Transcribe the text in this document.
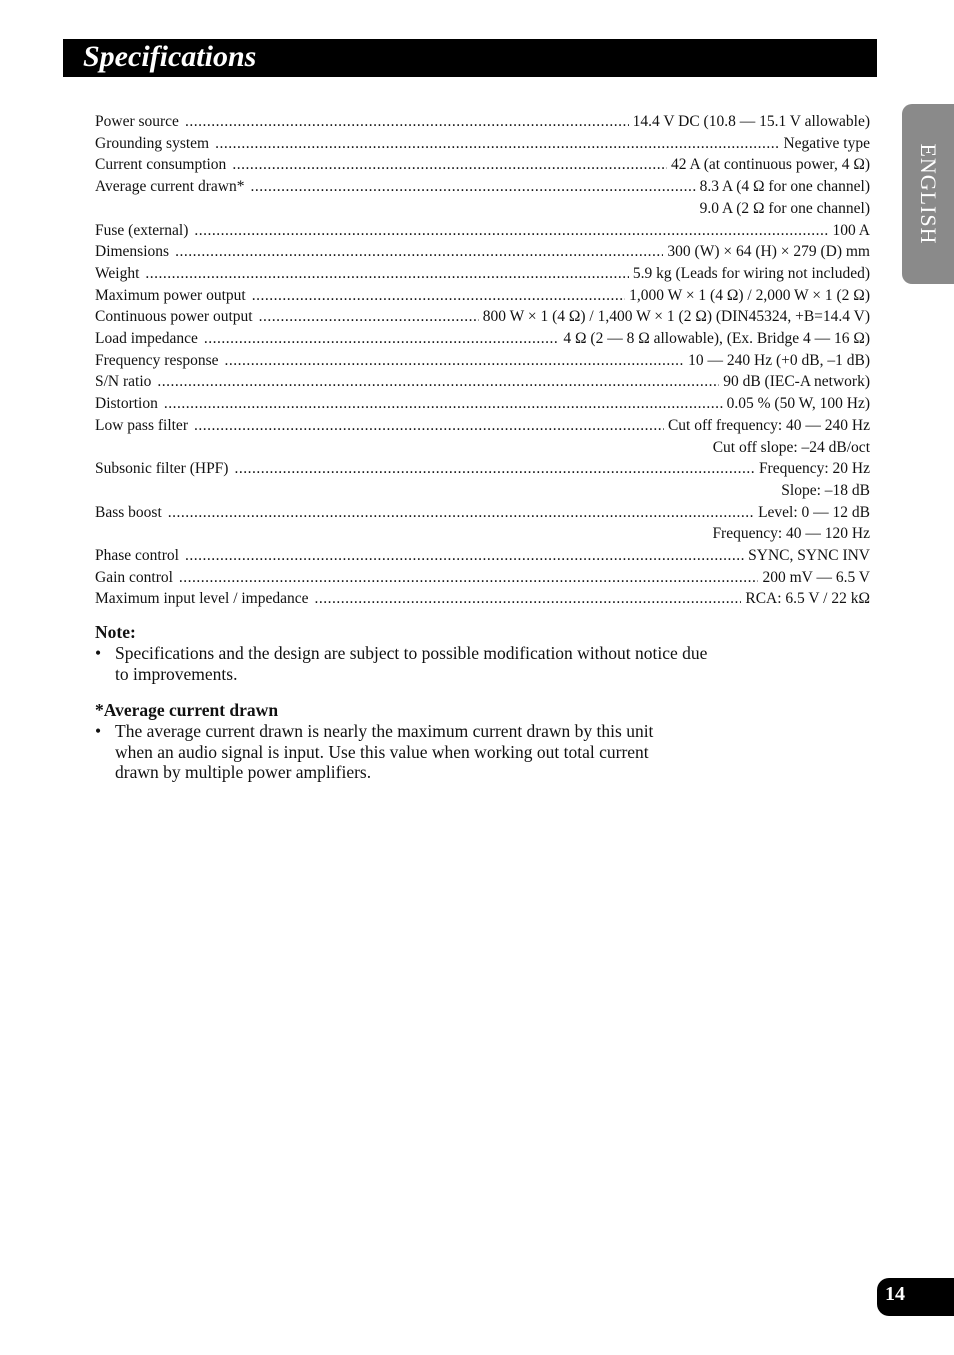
Specifications
ENGLISH
Power source .....	14.4 V DC (10.8 — 15.1 V allowable)
Grounding system .....	Negative type
Current consumption .....	42 A (at continuous power, 4 Ω)
Average current drawn* .....	8.3 A (4 Ω for one channel)
9.0 A (2 Ω for one channel)
Fuse (external) .....	100 A
Dimensions .....	300 (W) × 64 (H) × 279 (D) mm
Weight .....	5.9 kg (Leads for wiring not included)
Maximum power output .....	1,000 W × 1 (4 Ω) / 2,000 W × 1 (2 Ω)
Continuous power output .....	800 W × 1 (4 Ω) / 1,400 W × 1 (2 Ω) (DIN45324, +B=14.4 V)
Load impedance .....	4 Ω (2 — 8 Ω allowable), (Ex. Bridge 4 — 16 Ω)
Frequency response .....	10 — 240 Hz (+0 dB, –1 dB)
S/N ratio .....	90 dB (IEC-A network)
Distortion .....	0.05 % (50 W, 100 Hz)
Low pass filter .....	Cut off frequency: 40 — 240 Hz
Cut off slope: –24 dB/oct
Subsonic filter (HPF) .....	Frequency: 20 Hz
Slope: –18 dB
Bass boost .....	Level: 0 — 12 dB
Frequency: 40 — 120 Hz
Phase control .....	SYNC, SYNC INV
Gain control .....	200 mV — 6.5 V
Maximum input level / impedance .....	RCA: 6.5 V / 22 kΩ
Note:
• Specifications and the design are subject to possible modification without notice due to improvements.
*Average current drawn
• The average current drawn is nearly the maximum current drawn by this unit when an audio signal is input. Use this value when working out total current drawn by multiple power amplifiers.
14
